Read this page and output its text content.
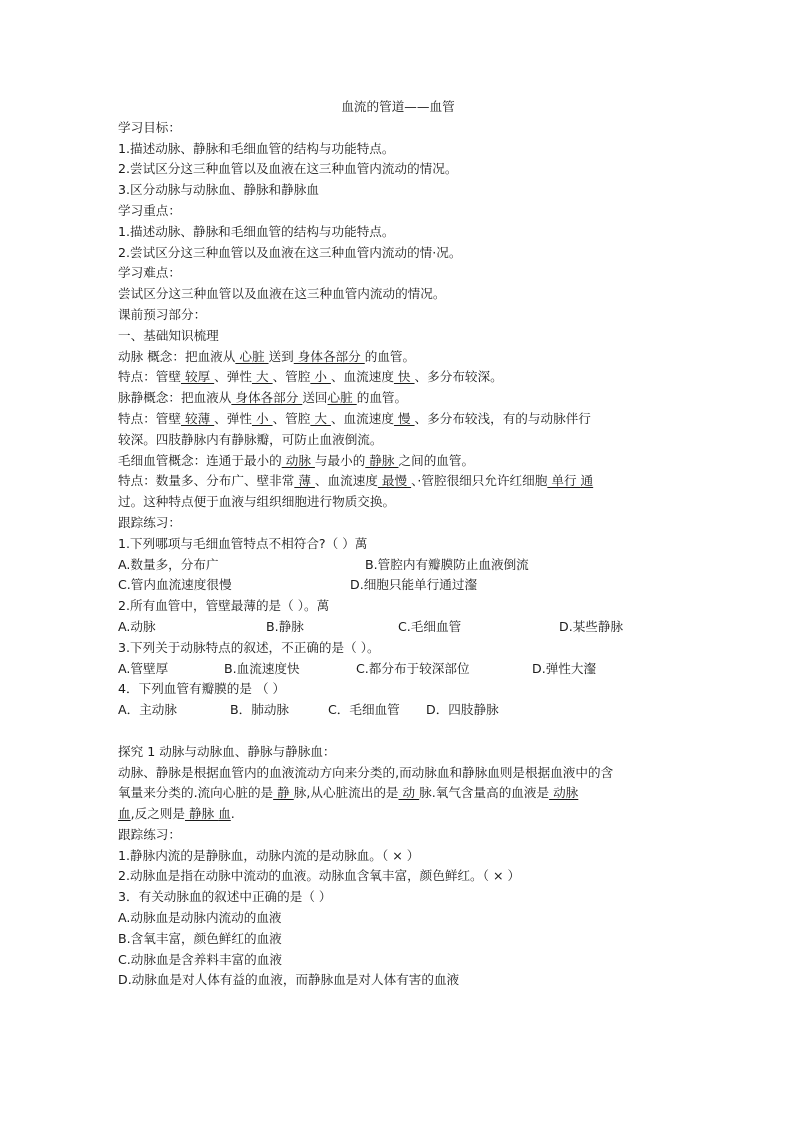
血流的管道——血管
学习目标：
1.描述动脉、静脉和毛细血管的结构与功能特点。
2.尝试区分这三种血管以及血液在这三种血管内流动的情况。
3.区分动脉与动脉血、静脉和静脉血
学习重点：
1.描述动脉、静脉和毛细血管的结构与功能特点。
2.尝试区分这三种血管以及血液在这三种血管内流动的情·况。
学习难点：
尝试区分这三种血管以及血液在这三种血管内流动的情况。
课前预习部分：
一、基础知识梳理
动脉 概念：把血液从 心脏 送到 身体各部分 的血管。
特点：管壁 较厚 、弹性 大 、管腔 小 、血流速度 快 、多分布较深。
脉静概念：把血液从 身体各部分 送回心脏 的血管。
特点：管壁 较薄 、弹性 小 、管腔 大 、血流速度 慢 、多分布较浅，有的与动脉伴行
较深。四肢静脉内有静脉瓣，可防止血液倒流。
毛细血管概念：连通于最小的 动脉 与最小的 静脉 之间的血管。
特点：数量多、分布广、壁非常 薄 、血流速度 最慢 、·管腔很细只允许红细胞 单行 通
过。这种特点便于血液与组织细胞进行物质交换。
跟踪练习：
1.下列哪项与毛细血管特点不相符合?（ ）萬
A.数量多，分布广	B.管腔内有瓣膜防止血液倒流
C.管内血流速度很慢	D.细胞只能单行通过瀣
2.所有血管中，管壁最薄的是（ ）。萬
A.动脉	B.静脉	C.毛细血管	D.某些静脉
3.下列关于动脉特点的叙述，不正确的是（ ）。
A.管壁厚	B.血流速度快	C.都分布于较深部位	D.弹性大瀣
4．下列血管有瓣膜的是 （ ）
A．主动脉	B．肺动脉	C．毛细血管	D．四肢静脉
探究 1 动脉与动脉血、静脉与静脉血：
动脉、静脉是根据血管内的血液流动方向来分类的,而动脉血和静脉血则是根据血液中的含
氧量来分类的.流向心脏的是 静 脉,从心脏流出的是 动 脉.氧气含量高的血液是 动脉
血,反之则是 静脉 血.
跟踪练习：
1.静脉内流的是静脉血，动脉内流的是动脉血。（ × ）
2.动脉血是指在动脉中流动的血液。动脉血含氧丰富，颜色鲜红。（ × ）
3．有关动脉血的叙述中正确的是（ ）
A.动脉血是动脉内流动的血液
B.含氧丰富，颜色鲜红的血液
C.动脉血是含养料丰富的血液
D.动脉血是对人体有益的血液，而静脉血是对人体有害的血液
